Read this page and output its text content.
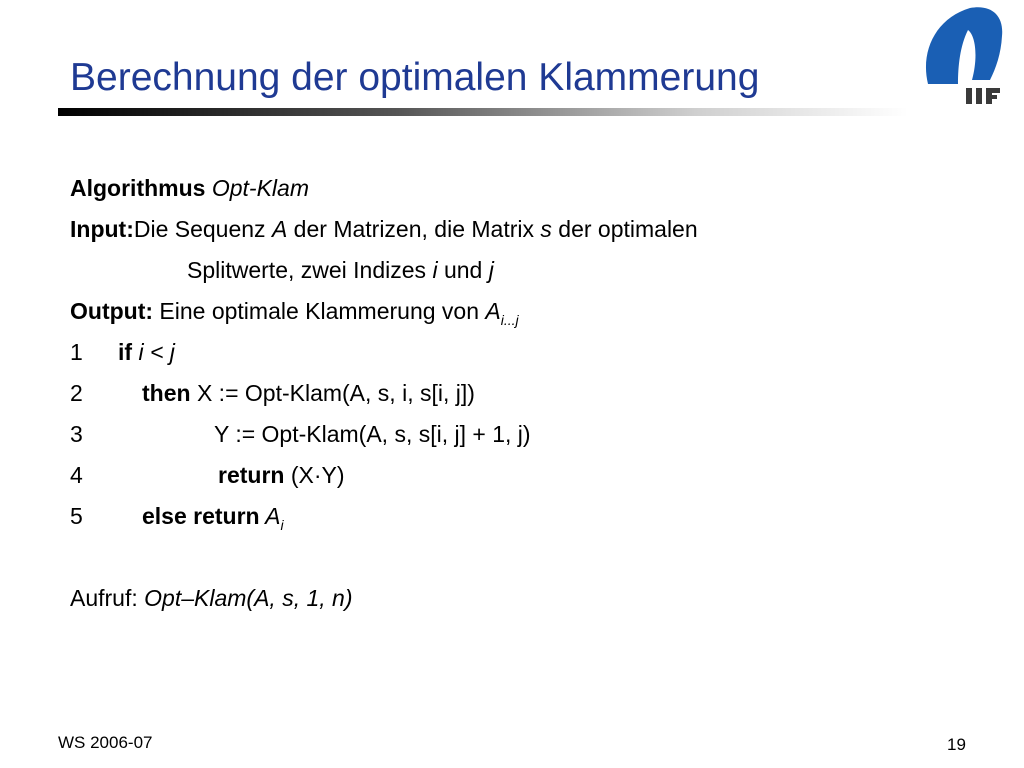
Berechnung der optimalen Klammerung
Algorithmus Opt-Klam
Input:Die Sequenz A der Matrizen, die Matrix s der optimalen
Splitwerte, zwei Indizes i und j
Output: Eine optimale Klammerung von $A_{i...j}$
1 if i < j
2	then X := Opt-Klam(A, s, i, s[i, j])
3	Y := Opt-Klam(A, s, s[i, j] + 1, j)
4	return (X·Y)
5	else return $A_i$
Aufruf: Opt–Klam(A, s, 1, n)
WS 2006-07	19
